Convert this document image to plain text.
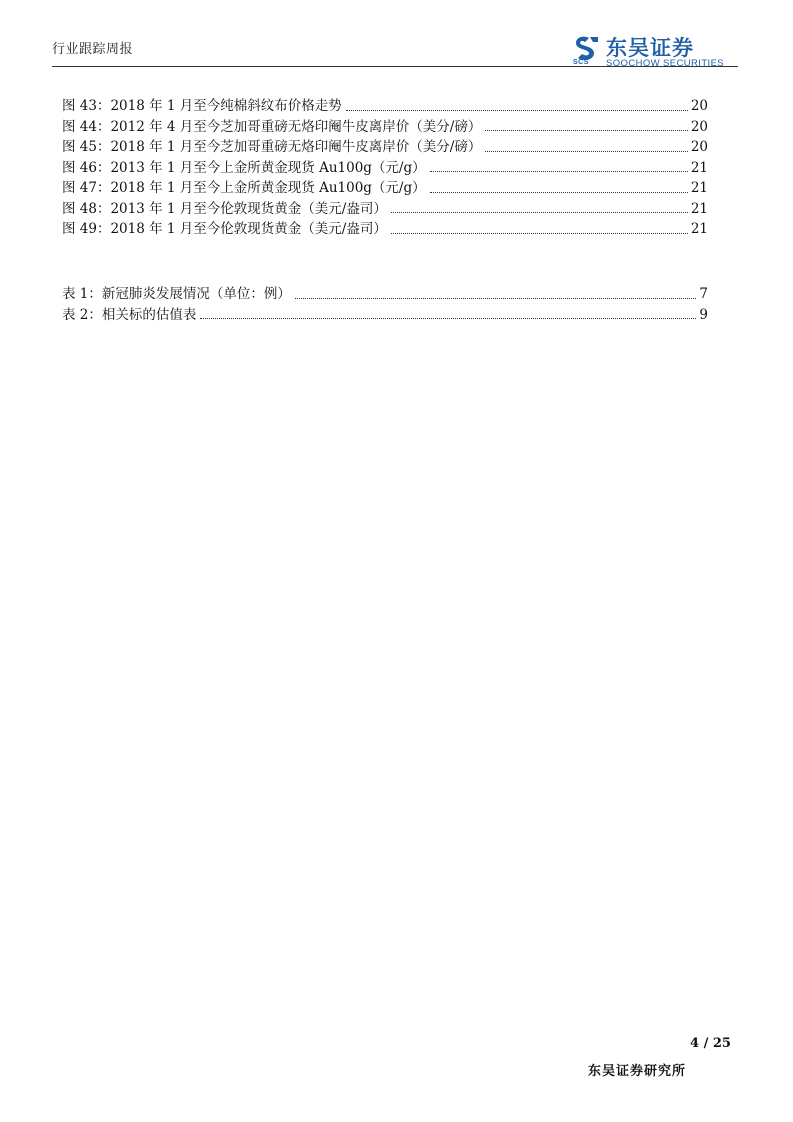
行业跟踪周报
SCS
东吴证券
SOOCHOW SECURITIES
图 43：2018 年 1 月至今纯棉斜纹布价格走势	20
图 44：2012 年 4 月至今芝加哥重磅无烙印阉牛皮离岸价（美分/磅）	20
图 45：2018 年 1 月至今芝加哥重磅无烙印阉牛皮离岸价（美分/磅）	20
图 46：2013 年 1 月至今上金所黄金现货 Au100g（元/g）	21
图 47：2018 年 1 月至今上金所黄金现货 Au100g（元/g）	21
图 48：2013 年 1 月至今伦敦现货黄金（美元/盎司）	21
图 49：2018 年 1 月至今伦敦现货黄金（美元/盎司）	21
表 1：新冠肺炎发展情况（单位：例）	7
表 2：相关标的估值表	9
4 / 25
东吴证券研究所
